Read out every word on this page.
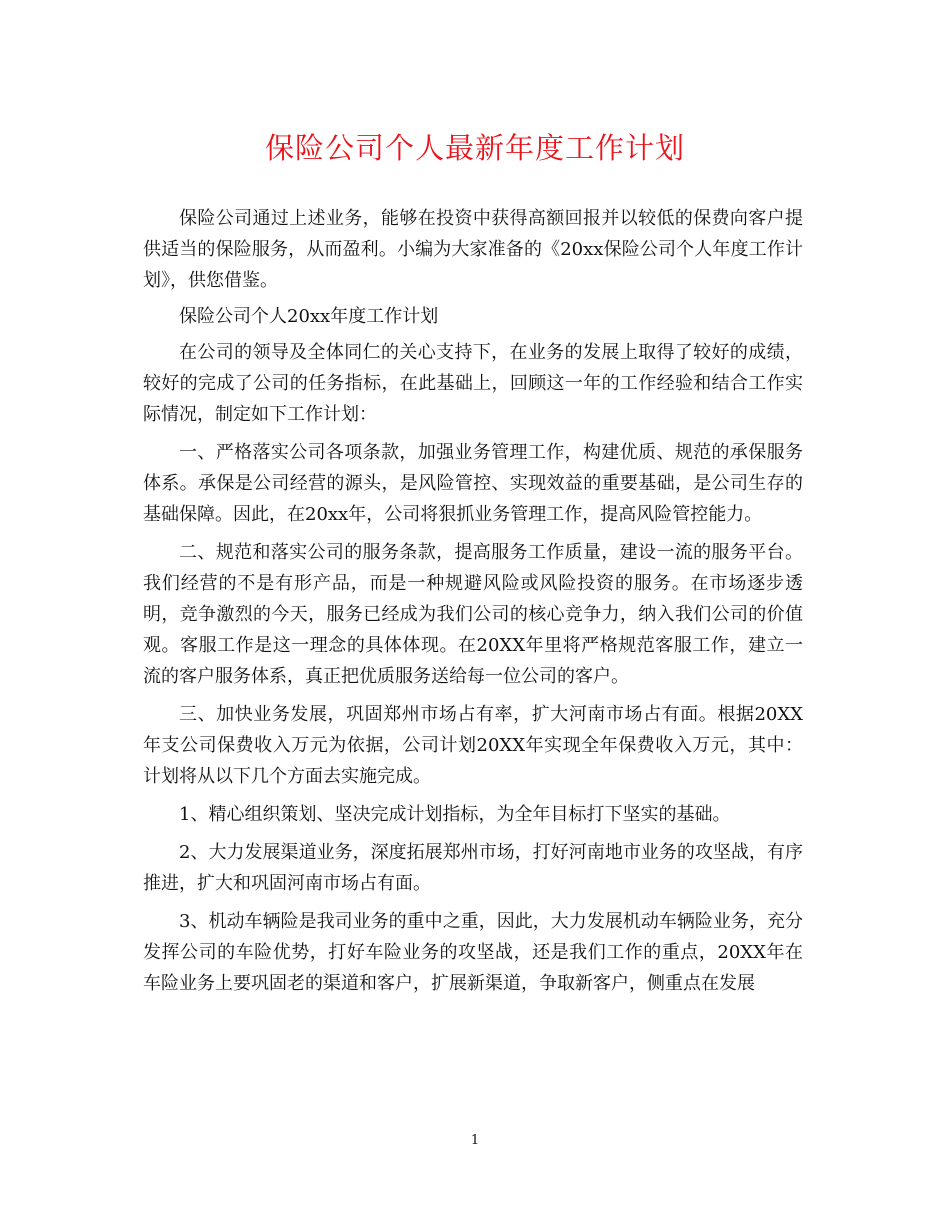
保险公司个人最新年度工作计划

保险公司通过上述业务，能够在投资中获得高额回报并以较低的保费向客户提供适当的保险服务，从而盈利。小编为大家准备的《20xx保险公司个人年度工作计划》，供您借鉴。

保险公司个人20xx年度工作计划

在公司的领导及全体同仁的关心支持下，在业务的发展上取得了较好的成绩，较好的完成了公司的任务指标，在此基础上，回顾这一年的工作经验和结合工作实际情况，制定如下工作计划：

一、严格落实公司各项条款，加强业务管理工作，构建优质、规范的承保服务体系。承保是公司经营的源头，是风险管控、实现效益的重要基础，是公司生存的基础保障。因此，在20xx年，公司将狠抓业务管理工作，提高风险管控能力。

二、规范和落实公司的服务条款，提高服务工作质量，建设一流的服务平台。我们经营的不是有形产品，而是一种规避风险或风险投资的服务。在市场逐步透明，竞争激烈的今天，服务已经成为我们公司的核心竞争力，纳入我们公司的价值观。客服工作是这一理念的具体体现。在20XX年里将严格规范客服工作，建立一流的客户服务体系，真正把优质服务送给每一位公司的客户。

三、加快业务发展，巩固郑州市场占有率，扩大河南市场占有面。根据20XX年支公司保费收入万元为依据，公司计划20XX年实现全年保费收入万元，其中：计划将从以下几个方面去实施完成。

1、精心组织策划、坚决完成计划指标，为全年目标打下坚实的基础。

2、大力发展渠道业务，深度拓展郑州市场，打好河南地市业务的攻坚战，有序推进，扩大和巩固河南市场占有面。

3、机动车辆险是我司业务的重中之重，因此，大力发展机动车辆险业务，充分发挥公司的车险优势，打好车险业务的攻坚战，还是我们工作的重点，20XX年在车险业务上要巩固老的渠道和客户，扩展新渠道，争取新客户，侧重点在发展

1
